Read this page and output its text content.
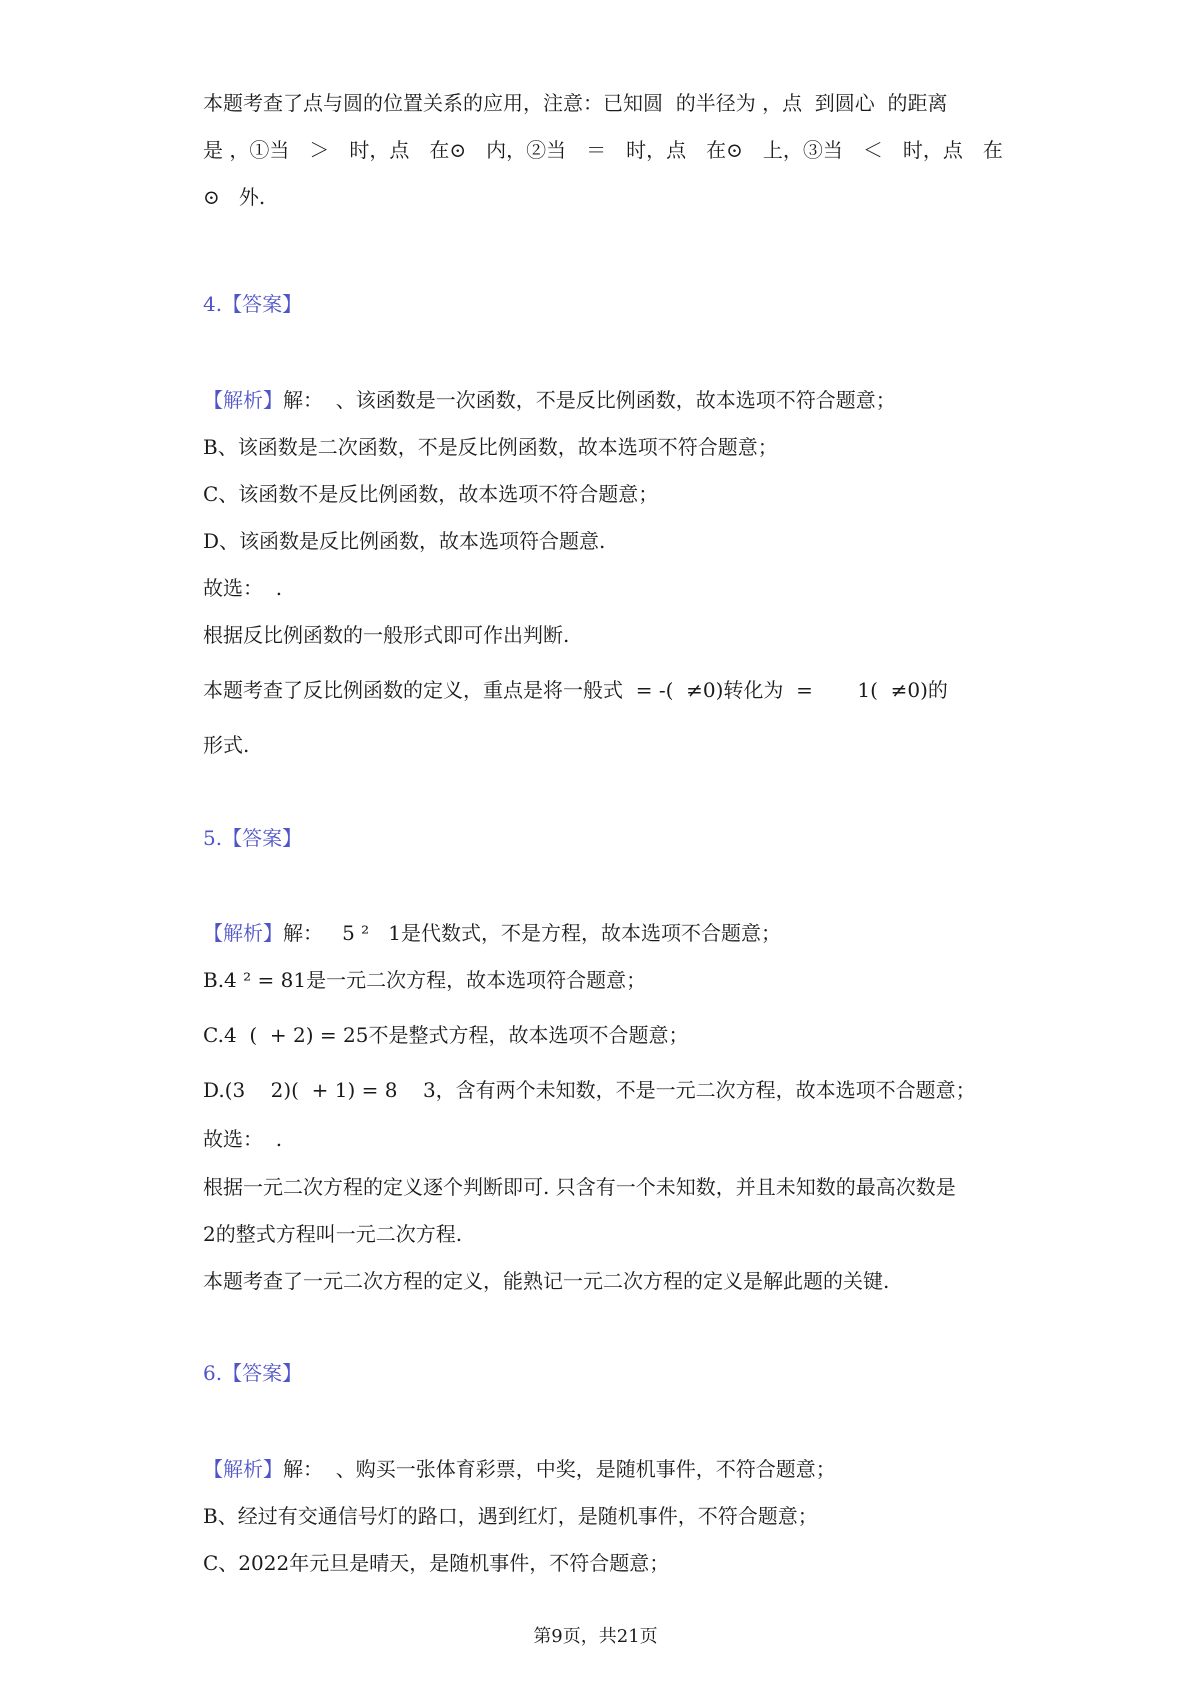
本题考查了点与圆的位置关系的应用，注意：已知圆  的半径为 ，点  到圆心  的距离
是 ，①当 ＞ 时，点 在⊙ 内，②当 ＝ 时，点 在⊙ 上，③当 ＜ 时，点 在
⊙   外.
4.【答案】
【解析】解：  、该函数是一次函数，不是反比例函数，故本选项不符合题意；
B、该函数是二次函数，不是反比例函数，故本选项不符合题意；
C、该函数不是反比例函数，故本选项不符合题意；
D、该函数是反比例函数，故本选项符合题意.
故选：  .
根据反比例函数的一般形式即可作出判断.
本题考查了反比例函数的定义，重点是将一般式  = -(  ≠0)转化为  =       1(  ≠0)的
形式.
5.【答案】
【解析】解：   5 ²   1是代数式，不是方程，故本选项不合题意；
B.4 ² = 81是一元二次方程，故本选项符合题意；
C.4  (  + 2) = 25不是整式方程，故本选项不合题意；
D.(3    2)(  + 1) = 8    3，含有两个未知数，不是一元二次方程，故本选项不合题意；
故选：  .
根据一元二次方程的定义逐个判断即可. 只含有一个未知数，并且未知数的最高次数是
2的整式方程叫一元二次方程.
本题考查了一元二次方程的定义，能熟记一元二次方程的定义是解此题的关键.
6.【答案】
【解析】解：  、购买一张体育彩票，中奖，是随机事件，不符合题意；
B、经过有交通信号灯的路口，遇到红灯，是随机事件，不符合题意；
C、2022年元旦是晴天，是随机事件，不符合题意；
第9页，共21页
